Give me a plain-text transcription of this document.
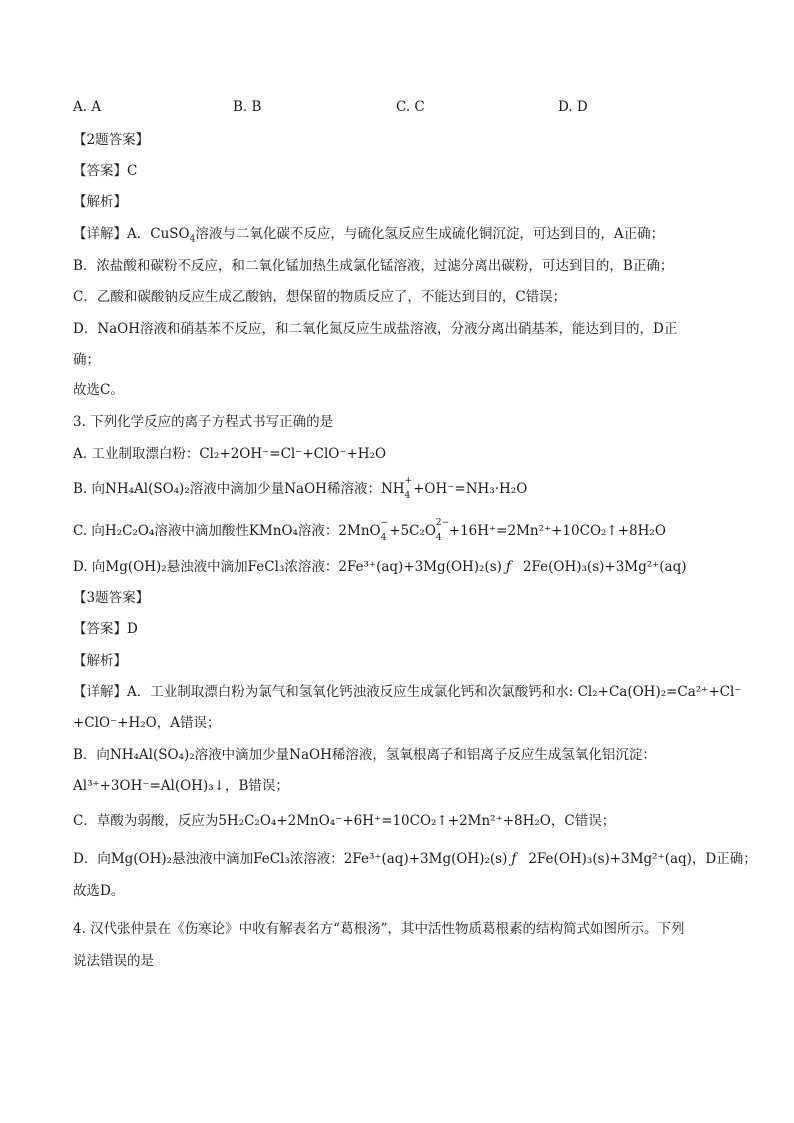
A. A	B. B	C. C	D. D
【2题答案】
【答案】C
【解析】
【详解】A．CuSO$_4$溶液与二氧化碳不反应，与硫化氢反应生成硫化铜沉淀，可达到目的，A正确；
B．浓盐酸和碳粉不反应，和二氧化锰加热生成氯化锰溶液，过滤分离出碳粉，可达到目的，B正确；
C．乙酸和碳酸钠反应生成乙酸钠，想保留的物质反应了，不能达到目的，C错误；
D．NaOH溶液和硝基苯不反应，和二氧化氮反应生成盐溶液，分液分离出硝基苯，能达到目的，D正
确；
故选C。
3. 下列化学反应的离子方程式书写正确的是
A. 工业制取漂白粉：Cl₂+2OH⁻=Cl⁻+ClO⁻+H₂O
B. 向NH₄Al(SO₄)₂溶液中滴加少量NaOH稀溶液：NH +
4 +OH⁻=NH₃·H₂O
C. 向H₂C₂O₄溶液中滴加酸性KMnO₄溶液：2MnO −
4 +5C₂O 2−
4 +16H⁺=2Mn²⁺+10CO₂↑+8H₂O
D. 向Mg(OH)₂悬浊液中滴加FeCl₃浓溶液：2Fe³⁺(aq)+3Mg(OH)₂(s) ƒ 2Fe(OH)₃(s)+3Mg²⁺(aq)
【3题答案】
【答案】D
【解析】
【详解】A．工业制取漂白粉为氯气和氢氧化钙浊液反应生成氯化钙和次氯酸钙和水: Cl₂+Ca(OH)₂=Ca²⁺+Cl⁻
+ClO⁻+H₂O，A错误；
B．向NH₄Al(SO₄)₂溶液中滴加少量NaOH稀溶液，氢氧根离子和铝离子反应生成氢氧化铝沉淀：
Al³⁺+3OH⁻=Al(OH)₃↓，B错误；
C．草酸为弱酸，反应为5H₂C₂O₄+2MnO₄⁻+6H⁺=10CO₂↑+2Mn²⁺+8H₂O，C错误；
D．向Mg(OH)₂悬浊液中滴加FeCl₃浓溶液：2Fe³⁺(aq)+3Mg(OH)₂(s) ƒ 2Fe(OH)₃(s)+3Mg²⁺(aq)，D正确；
故选D。
4. 汉代张仲景在《伤寒论》中收有解表名方“葛根汤”，其中活性物质葛根素的结构简式如图所示。下列
说法错误的是
